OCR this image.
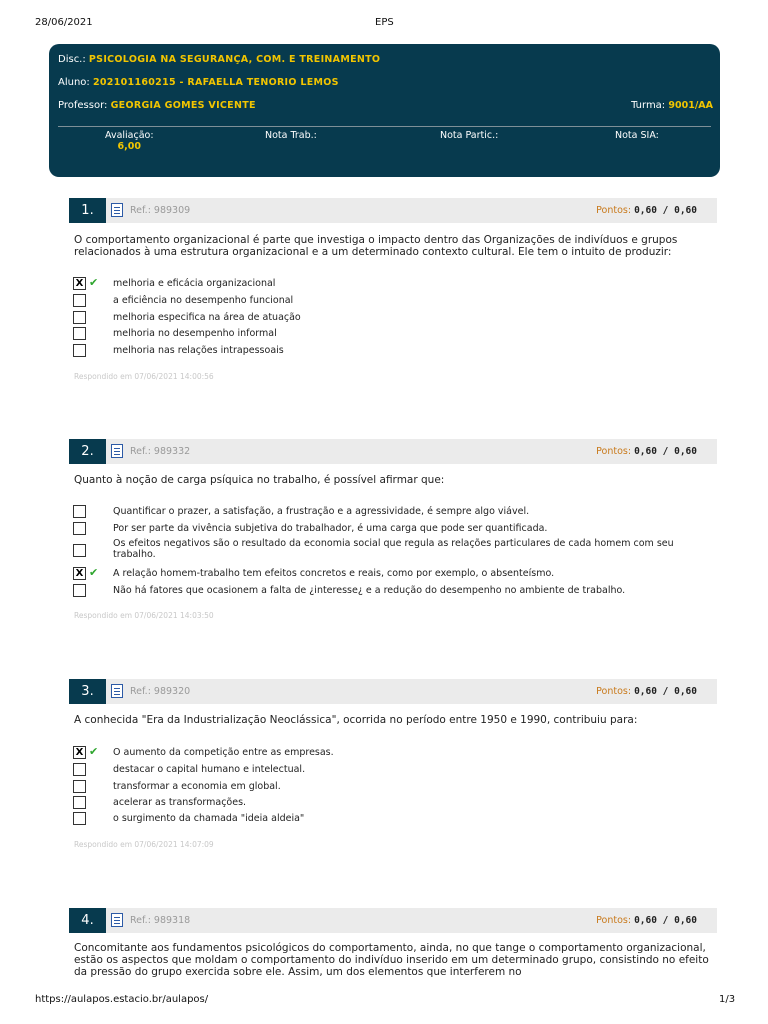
28/06/2021	EPS
Disc.: PSICOLOGIA NA SEGURANÇA, COM. E TREINAMENTO
Aluno: 202101160215 - RAFAELLA TENORIO LEMOS
Professor: GEORGIA GOMES VICENTE	Turma: 9001/AA
Avaliação:
6,00
Nota Trab.:	Nota Partic.:	Nota SIA:
1.	Ref.: 989309	Pontos: 0,60 / 0,60
O comportamento organizacional é parte que investiga o impacto dentro das Organizações de indivíduos e grupos relacionados à uma estrutura organizacional e a um determinado contexto cultural. Ele tem o intuito de produzir:
X ✔ melhoria e eficácia organizacional
a eficiência no desempenho funcional
melhoria especifica na área de atuação
melhoria no desempenho informal
melhoria nas relações intrapessoais
Respondido em 07/06/2021 14:00:56
2.	Ref.: 989332	Pontos: 0,60 / 0,60
Quanto à noção de carga psíquica no trabalho, é possível afirmar que:
Quantificar o prazer, a satisfação, a frustração e a agressividade, é sempre algo viável.
Por ser parte da vivência subjetiva do trabalhador, é uma carga que pode ser quantificada.
Os efeitos negativos são o resultado da economia social que regula as relações particulares de cada homem com seu trabalho.
X ✔ A relação homem-trabalho tem efeitos concretos e reais, como por exemplo, o absenteísmo.
Não há fatores que ocasionem a falta de ¿interesse¿ e a redução do desempenho no ambiente de trabalho.
Respondido em 07/06/2021 14:03:50
3.	Ref.: 989320	Pontos: 0,60 / 0,60
A conhecida "Era da Industrialização Neoclássica", ocorrida no período entre 1950 e 1990, contribuiu para:
X ✔ O aumento da competição entre as empresas.
destacar o capital humano e intelectual.
transformar a economia em global.
acelerar as transformações.
o surgimento da chamada "ideia aldeia"
Respondido em 07/06/2021 14:07:09
4.	Ref.: 989318	Pontos: 0,60 / 0,60
Concomitante aos fundamentos psicológicos do comportamento, ainda, no que tange o comportamento organizacional, estão os aspectos que moldam o comportamento do indivíduo inserido em um determinado grupo, consistindo no efeito da pressão do grupo exercida sobre ele. Assim, um dos elementos que interferem no
https://aulapos.estacio.br/aulapos/	1/3
